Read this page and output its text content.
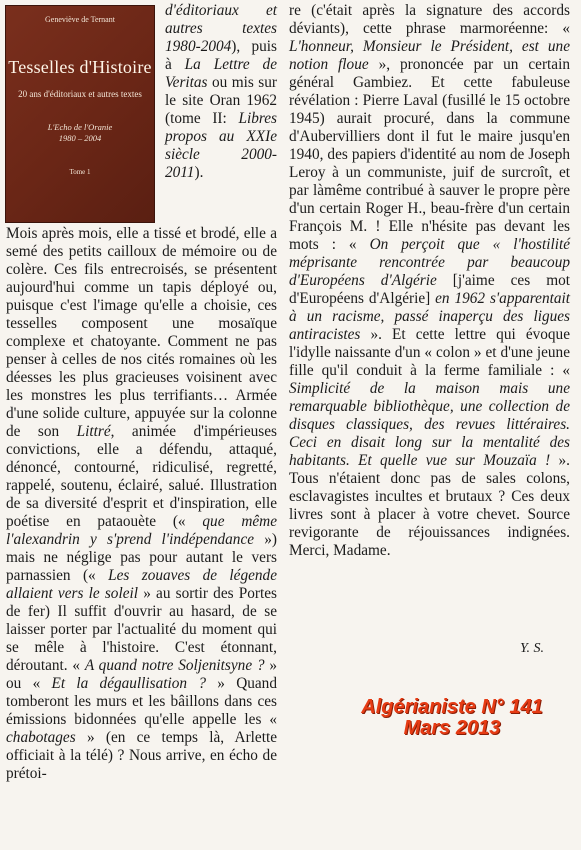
Geneviève de Ternant
Tesselles d'Histoire
20 ans d'éditoriaux et autres textes
L'Echo de l'Oranie
1980 – 2004
Tome 1
d'éditoriaux et autres textes 1980-2004), puis à La Lettre de Veritas ou mis sur le site Oran 1962 (tome II: Libres propos au XXIe siècle 2000-2011).
Mois après mois, elle a tissé et brodé, elle a semé des petits cailloux de mémoire ou de colère. Ces fils entrecroisés, se présentent aujourd'hui comme un tapis déployé ou, puisque c'est l'image qu'elle a choisie, ces tesselles composent une mosaïque complexe et chatoyante. Comment ne pas penser à celles de nos cités romaines où les déesses les plus gracieuses voisinent avec les monstres les plus terrifiants… Armée d'une solide culture, appuyée sur la colonne de son Littré, animée d'impérieuses convictions, elle a défendu, attaqué, dénoncé, contourné, ridiculisé, regretté, rappelé, soutenu, éclairé, salué. Illustration de sa diversité d'esprit et d'inspiration, elle poétise en pataouète (« que même l'alexandrin y s'prend l'indépendance ») mais ne néglige pas pour autant le vers parnassien (« Les zouaves de légende allaient vers le soleil » au sortir des Portes de fer) Il suffit d'ouvrir au hasard, de se laisser porter par l'actualité du moment qui se mêle à l'histoire. C'est étonnant, déroutant. « A quand notre Soljenitsyne ? » ou « Et la dégaullisation ? » Quand tomberont les murs et les bâillons dans ces émissions bidonnées qu'elle appelle les « chabotages » (en ce temps là, Arlette officiait à la télé) ? Nous arrive, en écho de prétoi-
re (c'était après la signature des accords déviants), cette phrase marmoréenne: « L'honneur, Monsieur le Président, est une notion floue », prononcée par un certain général Gambiez. Et cette fabuleuse révélation : Pierre Laval (fusillé le 15 octobre 1945) aurait procuré, dans la commune d'Aubervilliers dont il fut le maire jusqu'en 1940, des papiers d'identité au nom de Joseph Leroy à un communiste, juif de surcroît, et par làmême contribué à sauver le propre père d'un certain Roger H., beau-frère d'un certain François M. ! Elle n'hésite pas devant les mots : « On perçoit que « l'hostilité méprisante rencontrée par beaucoup d'Européens d'Algérie [j'aime ces mot d'Européens d'Algérie] en 1962 s'apparentait à un racisme, passé inaperçu des ligues antiracistes ». Et cette lettre qui évoque l'idylle naissante d'un « colon » et d'une jeune fille qu'il conduit à la ferme familiale : « Simplicité de la maison mais une remarquable bibliothèque, une collection de disques classiques, des revues littéraires. Ceci en disait long sur la mentalité des habitants. Et quelle vue sur Mouzaïa ! ». Tous n'étaient donc pas de sales colons, esclavagistes incultes et brutaux ? Ces deux livres sont à placer à votre chevet. Source revigorante de réjouissances indignées. Merci, Madame.
Y. S.
Algérianiste N° 141
Mars 2013
